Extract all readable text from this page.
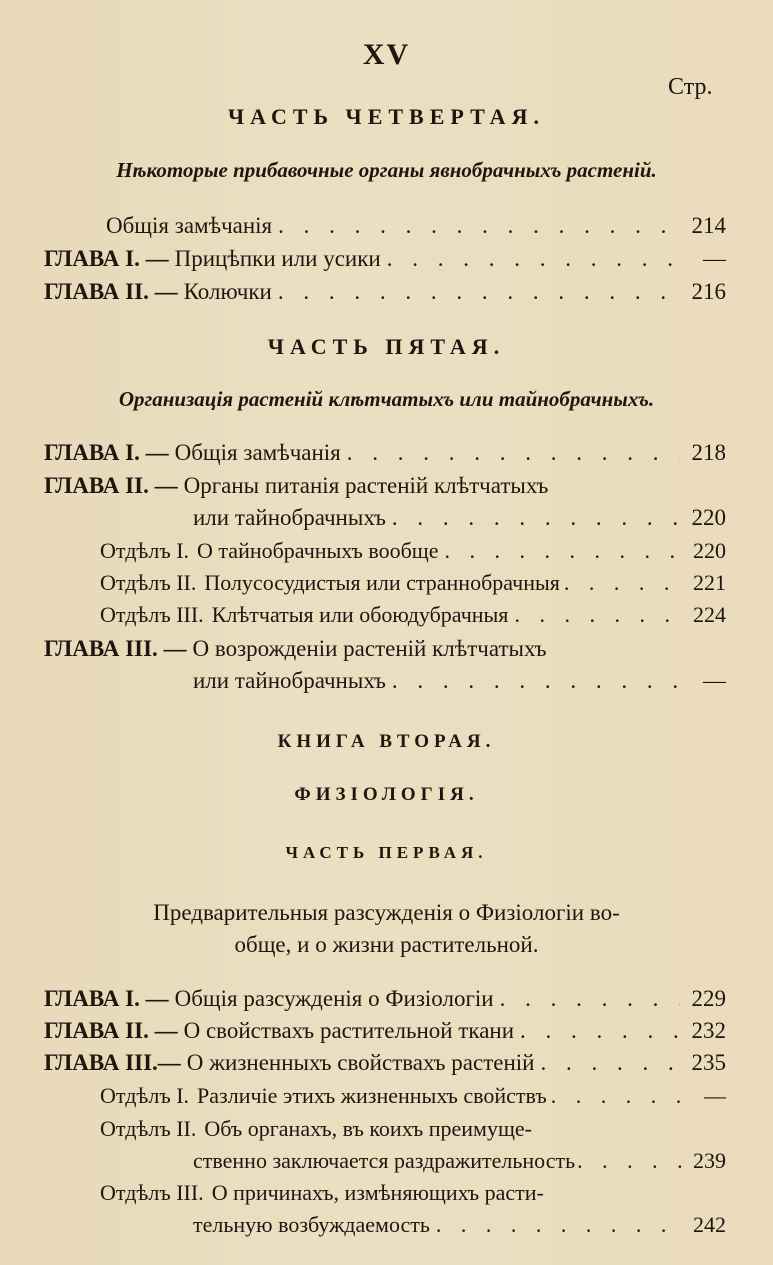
XV
Стр.
ЧАСТЬ ЧЕТВЕРТАЯ.
Нѣкоторые прибавочные органы явнобрачныхъ растеній.
Общія замѣчанія . . .	214
ГЛАВА I. — Прицѣпки или усики . . .	—
ГЛАВА II. — Колючки . . .	216
ЧАСТЬ ПЯТАЯ.
Организація растеній клѣтчатыхъ или тайнобрачныхъ.
ГЛАВА I. — Общія замѣчанія . . .	218
ГЛАВА II. — Органы питанія растеній клѣтчатыхъ
или тайнобрачныхъ . . .	220
Отдѣлъ I. О тайнобрачныхъ вообще . . .	220
Отдѣлъ II. Полусосудистыя или страннобрачныя . . .	221
Отдѣлъ III. Клѣтчатыя или обоюдубрачныя . . .	224
ГЛАВА III. — О возрожденіи растеній клѣтчатыхъ
или тайнобрачныхъ . . .	—
КНИГА ВТОРАЯ.
ФИЗІОЛОГІЯ.
ЧАСТЬ ПЕРВАЯ.
Предварительныя разсужденія о Физіологіи во-
обще, и о жизни растительной.
ГЛАВА I. — Общія разсужденія о Физіологіи . . .	229
ГЛАВА II. — О свойствахъ растительной ткани . . .	232
ГЛАВА III.— О жизненныхъ свойствахъ растеній . . .	235
Отдѣлъ I. Различіе этихъ жизненныхъ свойствъ . . .	—
Отдѣлъ II. Объ органахъ, въ коихъ преимуще-
ственно заключается раздражительность . . .	239
Отдѣлъ III. О причинахъ, измѣняющихъ расти-
тельную возбуждаемость . . .	242
